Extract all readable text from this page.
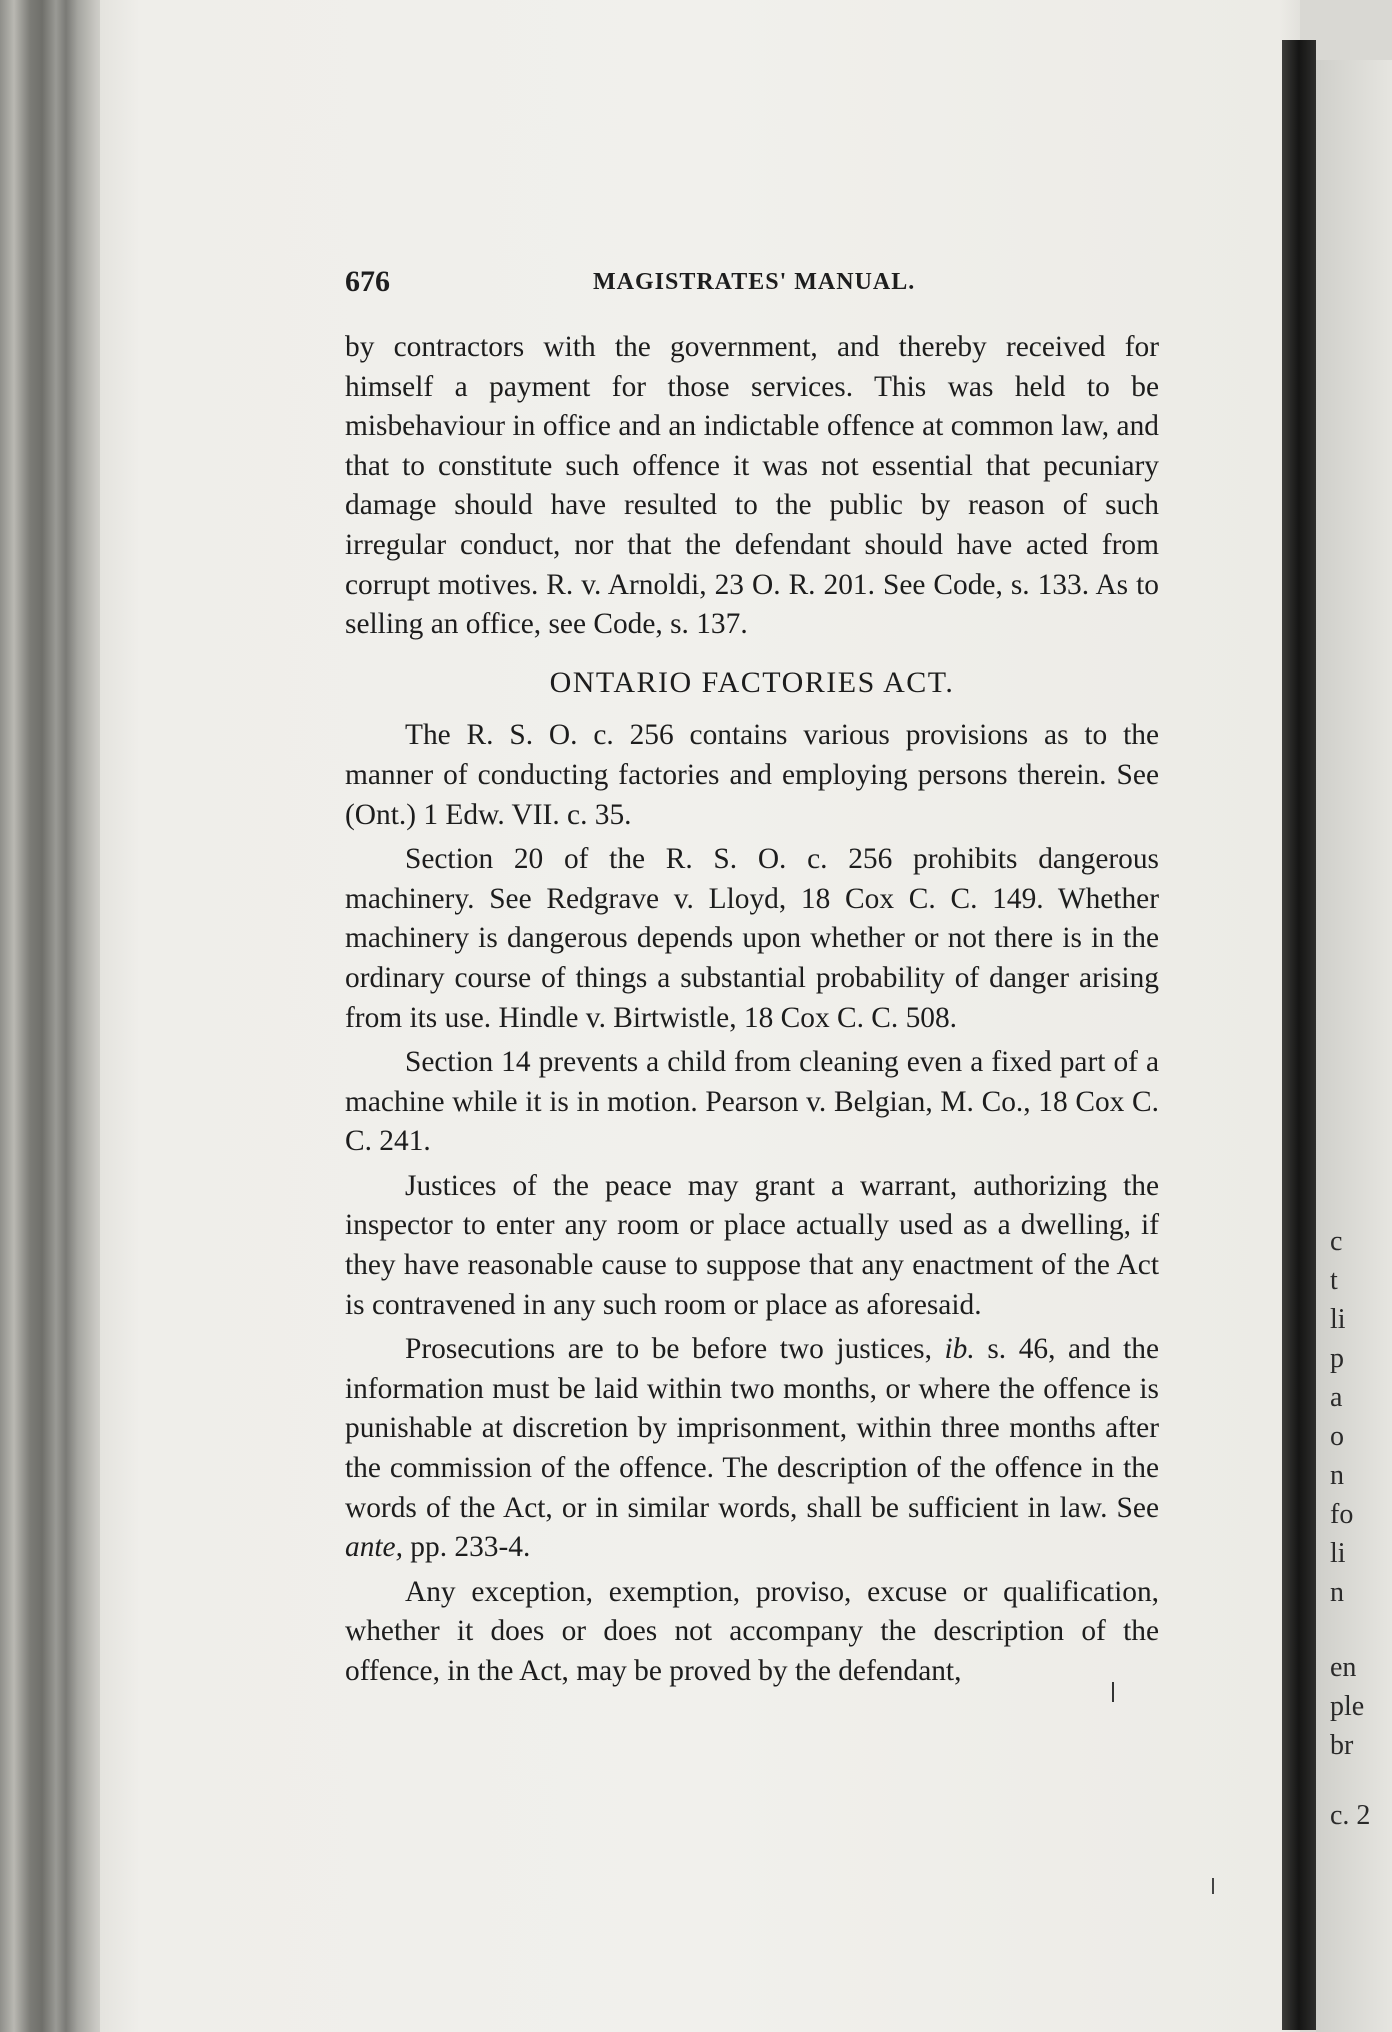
c
t
li
p
a
o
n
fo
li
n
en
ple
br
c. 2
676	MAGISTRATES' MANUAL.

by contractors with the government, and thereby received for himself a payment for those services. This was held to be misbehaviour in office and an indictable offence at common law, and that to constitute such offence it was not essential that pecuniary damage should have resulted to the public by reason of such irregular conduct, nor that the defendant should have acted from corrupt motives. R. v. Arnoldi, 23 O. R. 201. See Code, s. 133. As to selling an office, see Code, s. 137.

ONTARIO FACTORIES ACT.

The R. S. O. c. 256 contains various provisions as to the manner of conducting factories and employing persons therein. See (Ont.) 1 Edw. VII. c. 35.

Section 20 of the R. S. O. c. 256 prohibits dangerous machinery. See Redgrave v. Lloyd, 18 Cox C. C. 149. Whether machinery is dangerous depends upon whether or not there is in the ordinary course of things a substantial probability of danger arising from its use. Hindle v. Birtwistle, 18 Cox C. C. 508.

Section 14 prevents a child from cleaning even a fixed part of a machine while it is in motion. Pearson v. Belgian, M. Co., 18 Cox C. C. 241.

Justices of the peace may grant a warrant, authorizing the inspector to enter any room or place actually used as a dwelling, if they have reasonable cause to suppose that any enactment of the Act is contravened in any such room or place as aforesaid.

Prosecutions are to be before two justices, ib. s. 46, and the information must be laid within two months, or where the offence is punishable at discretion by imprisonment, within three months after the commission of the offence. The description of the offence in the words of the Act, or in similar words, shall be sufficient in law. See ante, pp. 233-4.

Any exception, exemption, proviso, excuse or qualification, whether it does or does not accompany the description of the offence, in the Act, may be proved by the defendant,
